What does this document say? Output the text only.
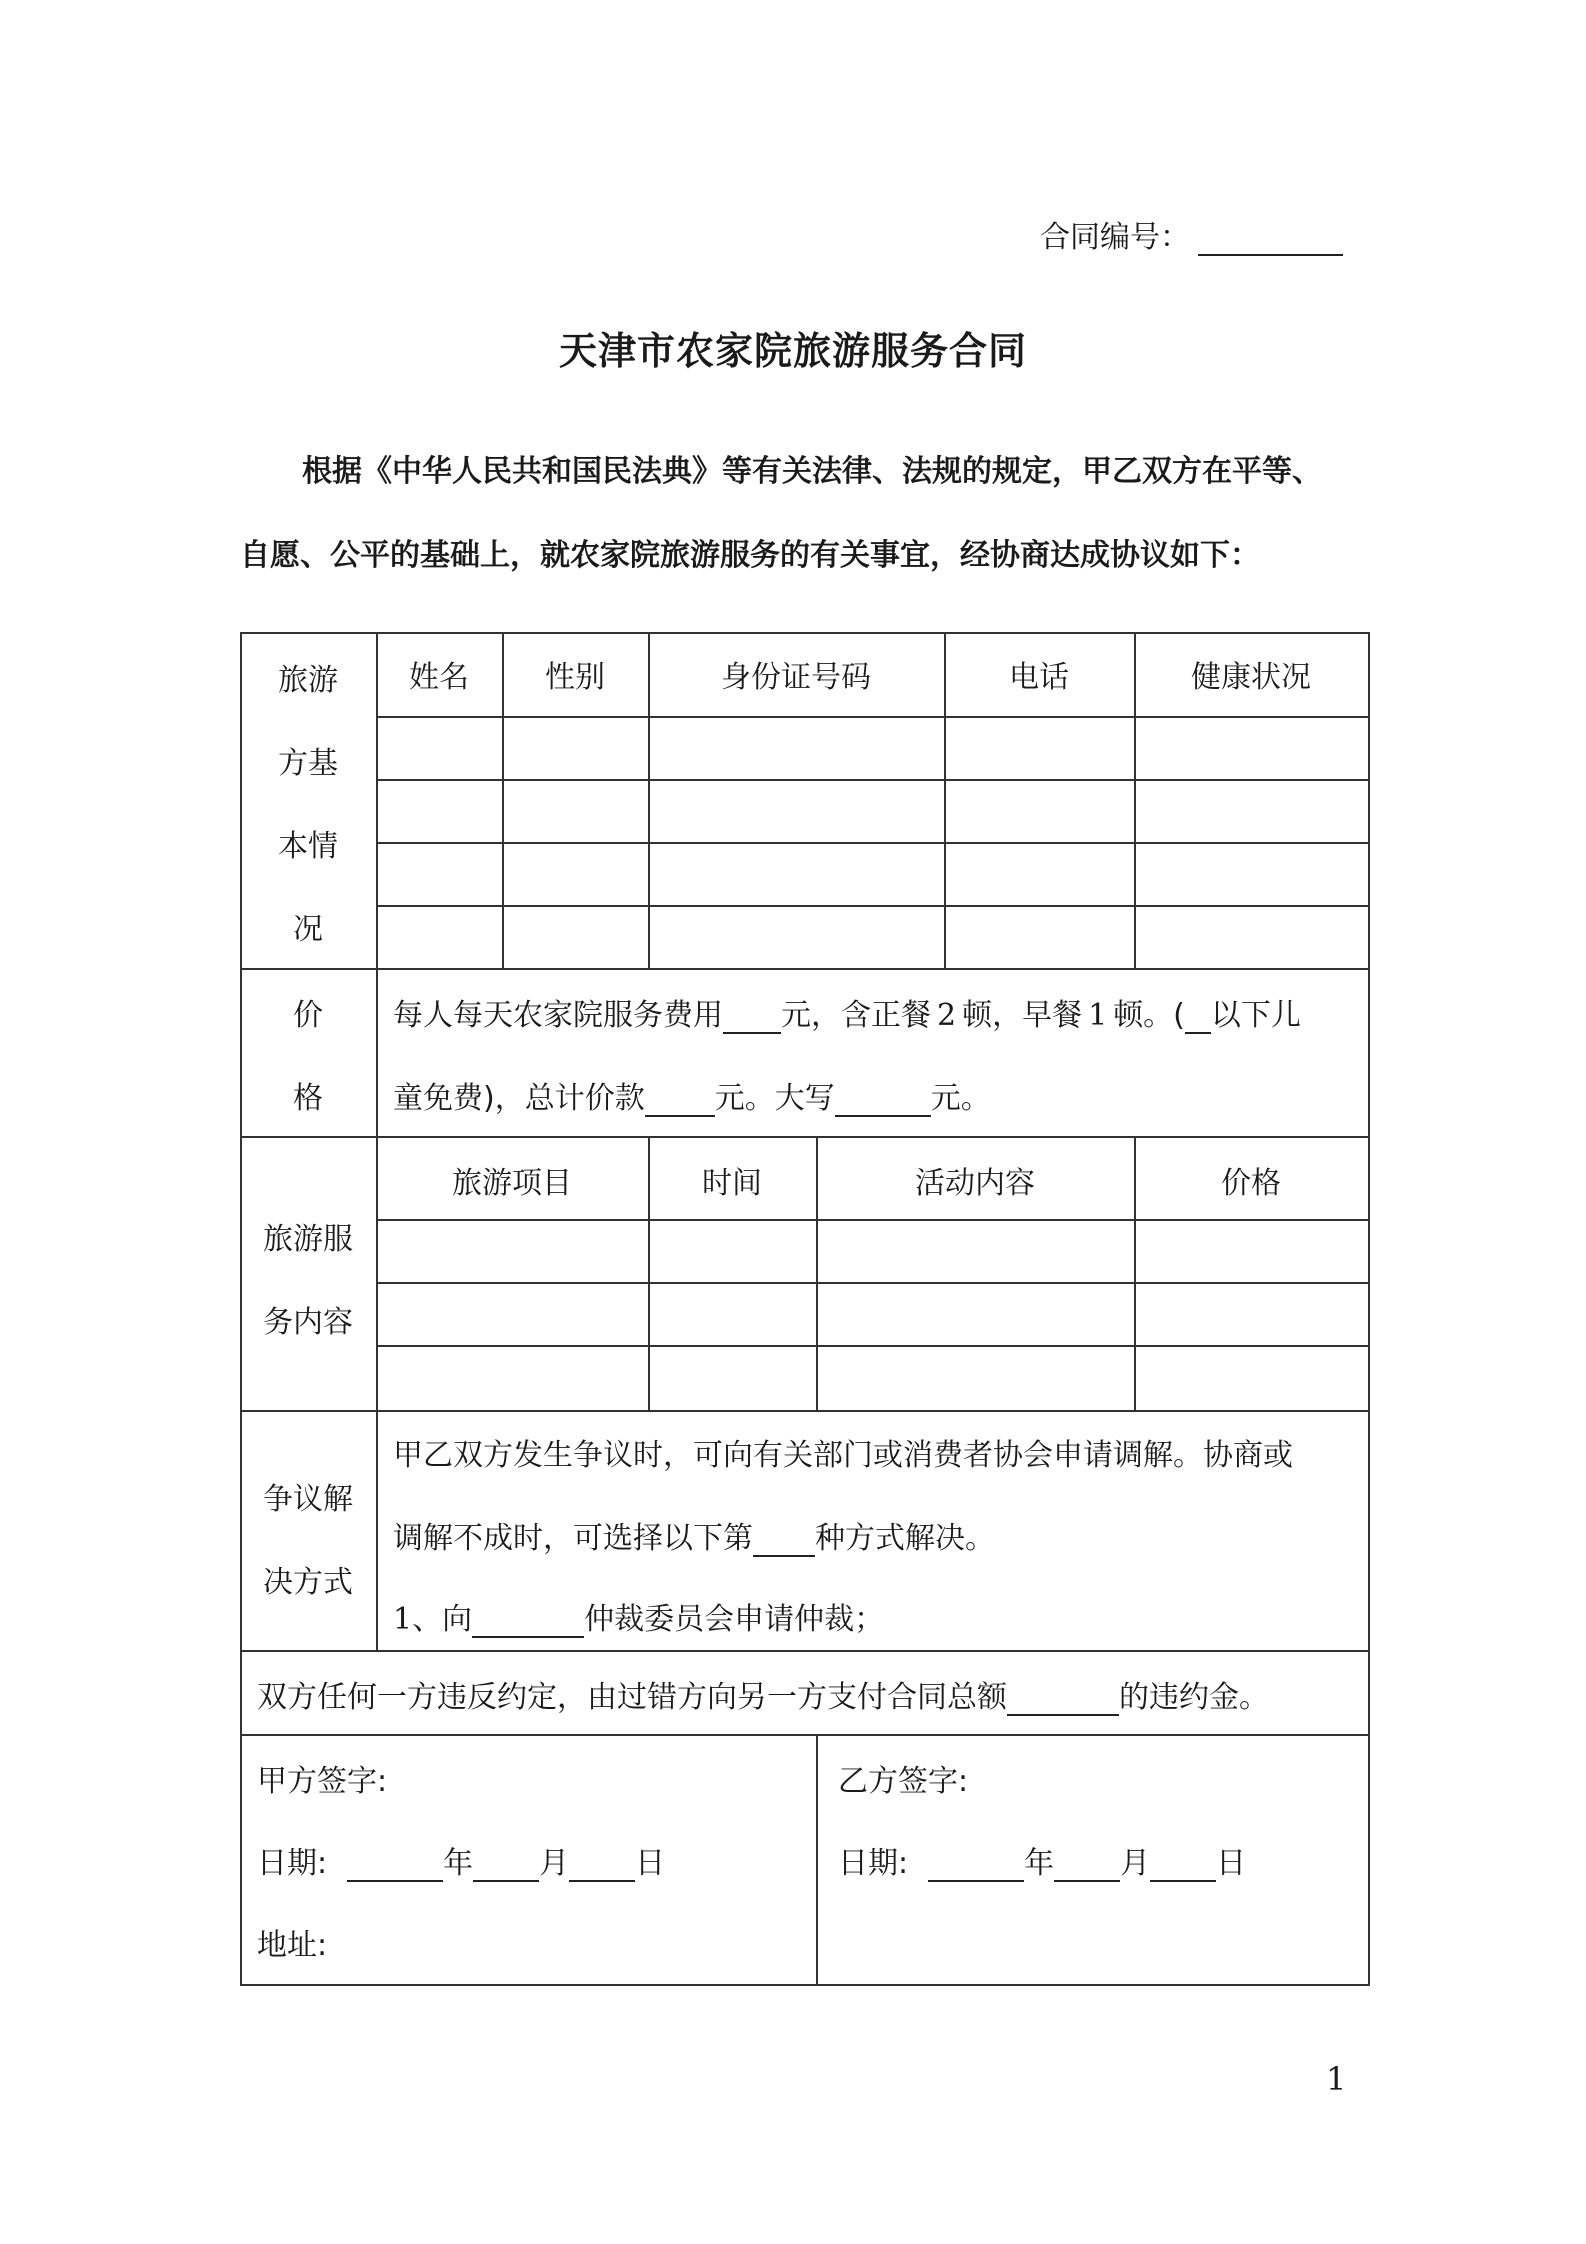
合同编号：
天津市农家院旅游服务合同
根据《中华人民共和国民法典》等有关法律、法规的规定，甲乙双方在平等、
自愿、公平的基础上，就农家院旅游服务的有关事宜，经协商达成协议如下：
旅游
方基
本情
况
姓名	性别	身份证号码	电话	健康状况
价
格
每人每天农家院服务费用 元，含正餐 2 顿，早餐 1 顿。( 以下儿
童免费)，总计价款 元。大写	元。
旅游服
务内容
旅游项目	时间	活动内容	价格
争议解
决方式
甲乙双方发生争议时，可向有关部门或消费者协会申请调解。协商或
调解不成时，可选择以下第 种方式解决。
1、向	仲裁委员会申请仲裁；
双方任何一方违反约定，由过错方向另一方支付合同总额	的违约金。
甲方签字:
日期:	年 月 日
地址:
乙方签字:
日期:	年 月 日
1
